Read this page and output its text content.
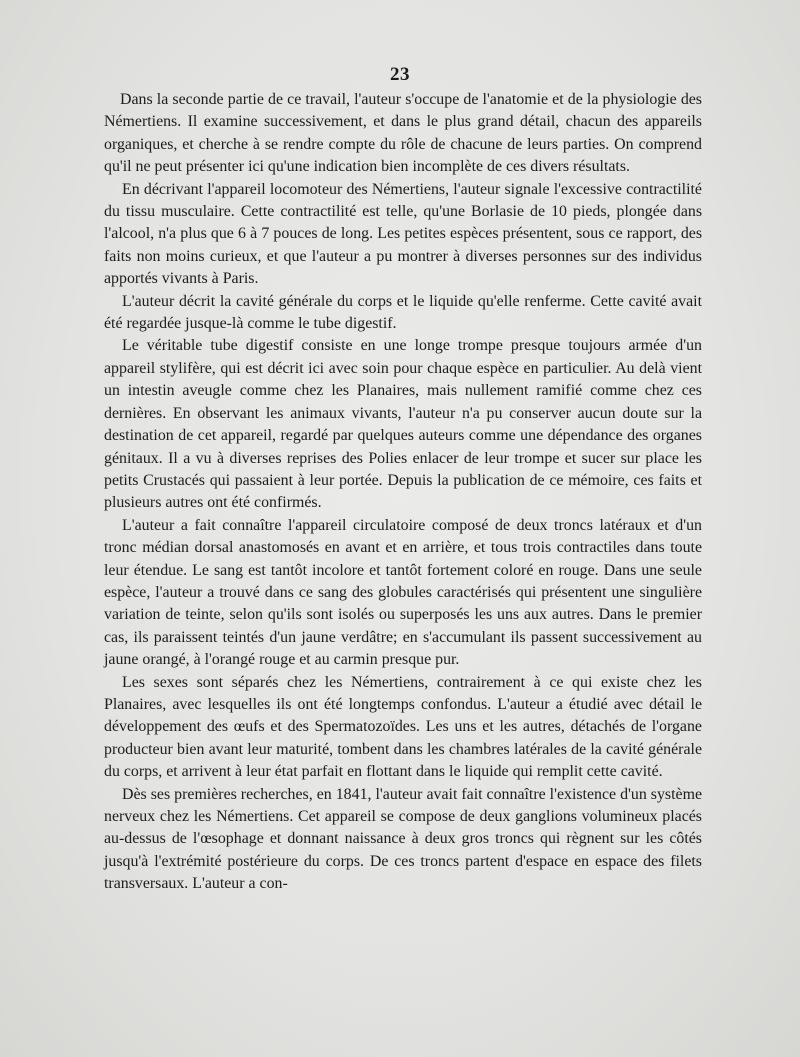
23

Dans la seconde partie de ce travail, l'auteur s'occupe de l'anatomie et de la physiologie des Némertiens. Il examine successivement, et dans le plus grand détail, chacun des appareils organiques, et cherche à se rendre compte du rôle de chacune de leurs parties. On comprend qu'il ne peut présenter ici qu'une indication bien incomplète de ces divers résultats.

En décrivant l'appareil locomoteur des Némertiens, l'auteur signale l'excessive contractilité du tissu musculaire. Cette contractilité est telle, qu'une Borlasie de 10 pieds, plongée dans l'alcool, n'a plus que 6 à 7 pouces de long. Les petites espèces présentent, sous ce rapport, des faits non moins curieux, et que l'auteur a pu montrer à diverses personnes sur des individus apportés vivants à Paris.

L'auteur décrit la cavité générale du corps et le liquide qu'elle renferme. Cette cavité avait été regardée jusque-là comme le tube digestif.

Le véritable tube digestif consiste en une longe trompe presque toujours armée d'un appareil stylifère, qui est décrit ici avec soin pour chaque espèce en particulier. Au delà vient un intestin aveugle comme chez les Planaires, mais nullement ramifié comme chez ces dernières. En observant les animaux vivants, l'auteur n'a pu conserver aucun doute sur la destination de cet appareil, regardé par quelques auteurs comme une dépendance des organes génitaux. Il a vu à diverses reprises des Polies enlacer de leur trompe et sucer sur place les petits Crustacés qui passaient à leur portée. Depuis la publication de ce mémoire, ces faits et plusieurs autres ont été confirmés.

L'auteur a fait connaître l'appareil circulatoire composé de deux troncs latéraux et d'un tronc médian dorsal anastomosés en avant et en arrière, et tous trois contractiles dans toute leur étendue. Le sang est tantôt incolore et tantôt fortement coloré en rouge. Dans une seule espèce, l'auteur a trouvé dans ce sang des globules caractérisés qui présentent une singulière variation de teinte, selon qu'ils sont isolés ou superposés les uns aux autres. Dans le premier cas, ils paraissent teintés d'un jaune verdâtre; en s'accumulant ils passent successivement au jaune orangé, à l'orangé rouge et au carmin presque pur.

Les sexes sont séparés chez les Némertiens, contrairement à ce qui existe chez les Planaires, avec lesquelles ils ont été longtemps confondus. L'auteur a étudié avec détail le développement des œufs et des Spermatozoïdes. Les uns et les autres, détachés de l'organe producteur bien avant leur maturité, tombent dans les chambres latérales de la cavité générale du corps, et arrivent à leur état parfait en flottant dans le liquide qui remplit cette cavité.

Dès ses premières recherches, en 1841, l'auteur avait fait connaître l'existence d'un système nerveux chez les Némertiens. Cet appareil se compose de deux ganglions volumineux placés au-dessus de l'œsophage et donnant naissance à deux gros troncs qui règnent sur les côtés jusqu'à l'extrémité postérieure du corps. De ces troncs partent d'espace en espace des filets transversaux. L'auteur a con-
